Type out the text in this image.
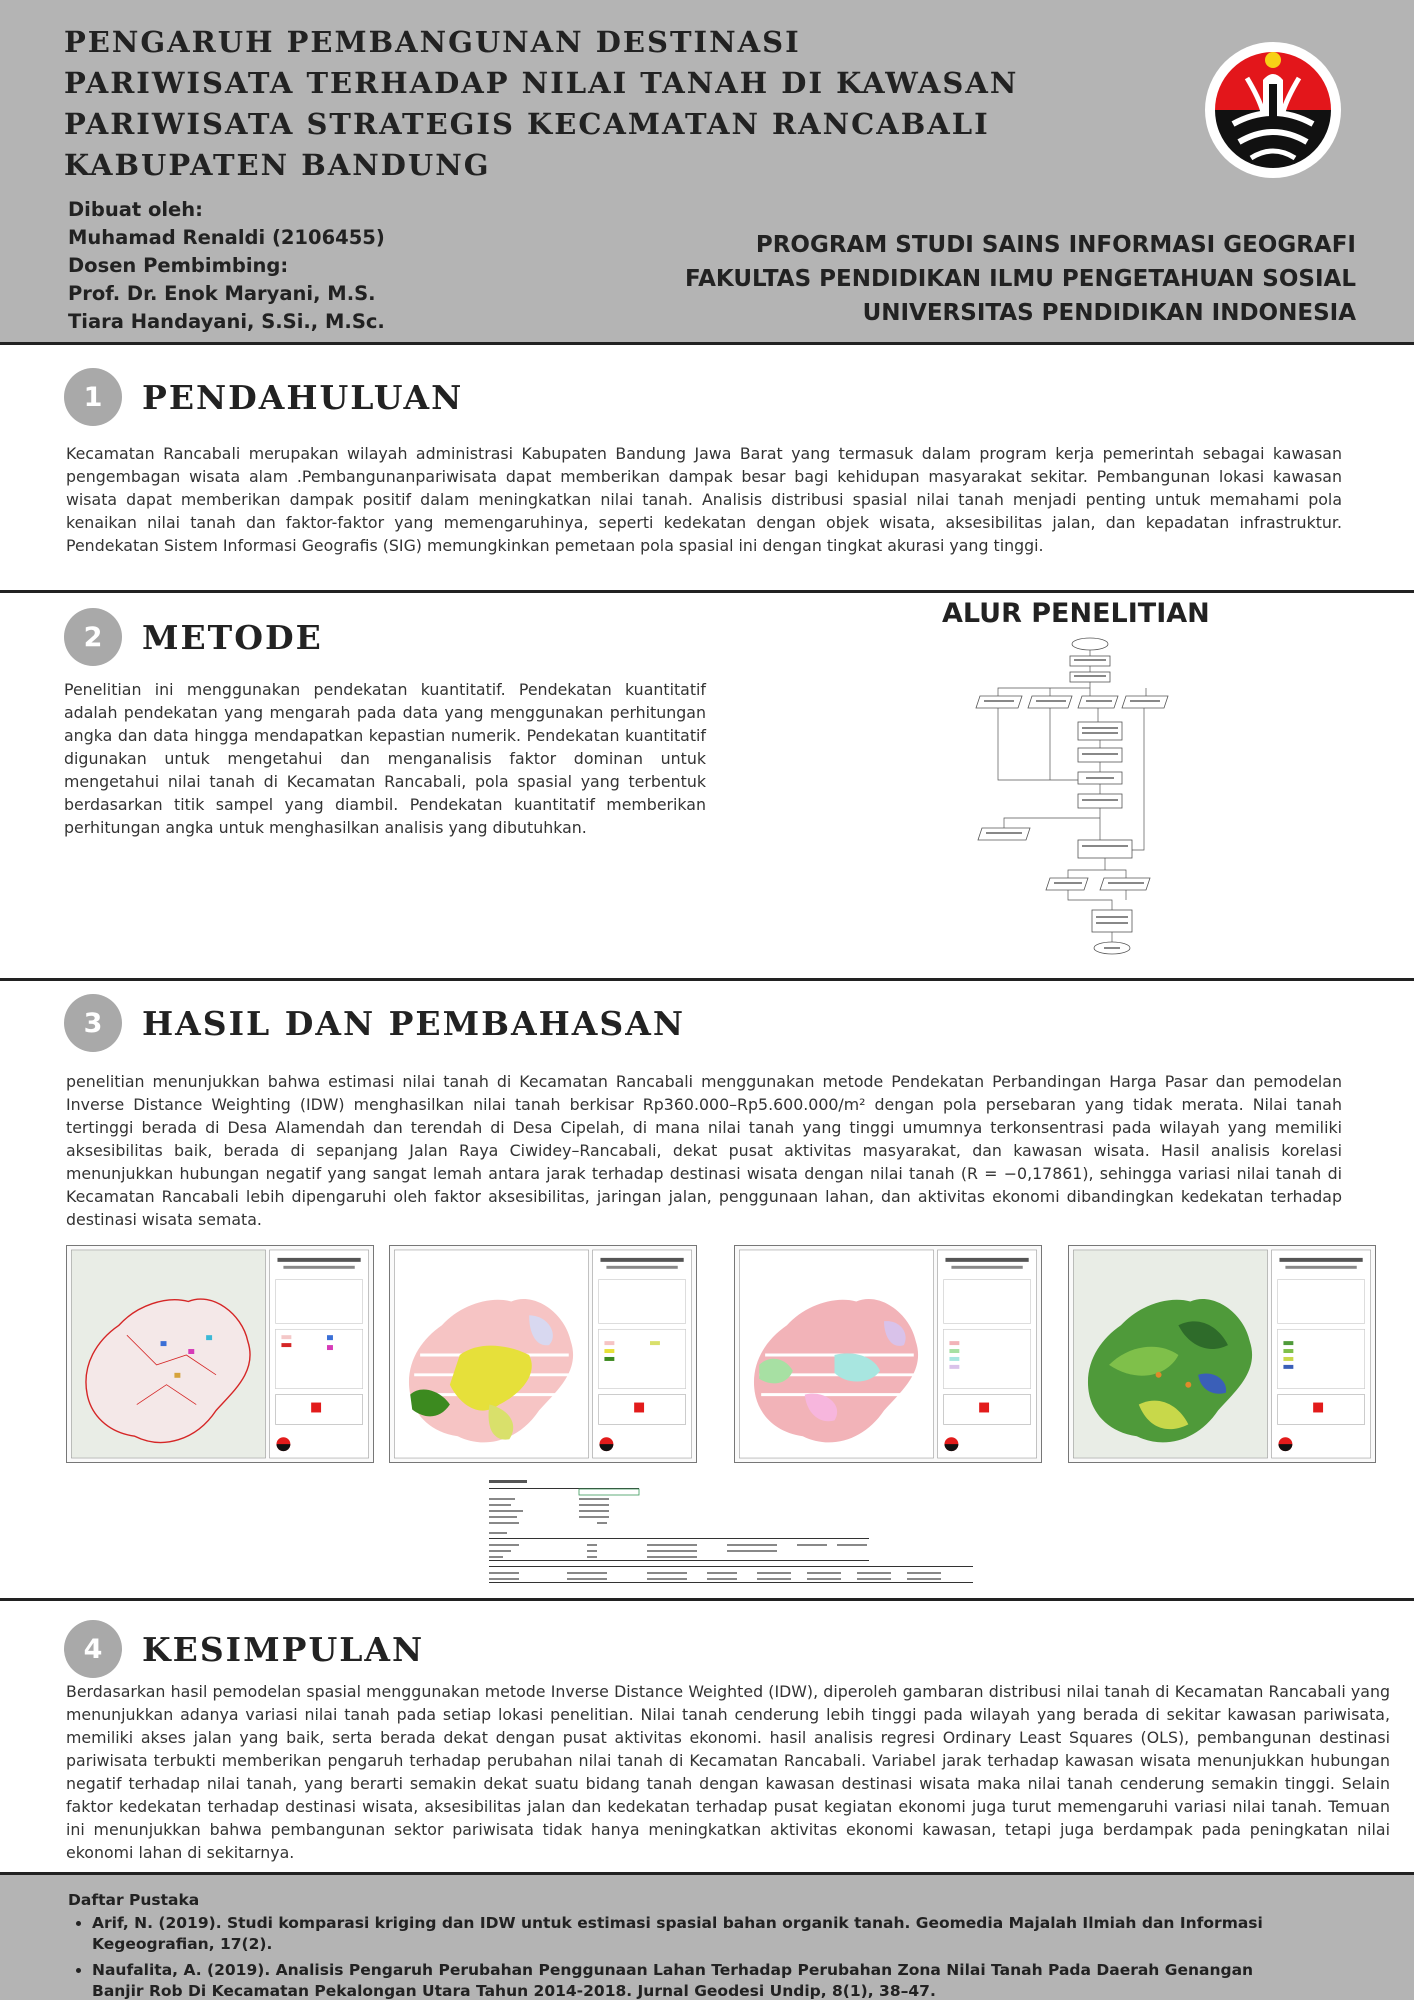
PENGARUH PEMBANGUNAN DESTINASI PARIWISATA TERHADAP NILAI TANAH DI KAWASAN PARIWISATA STRATEGIS KECAMATAN RANCABALI KABUPATEN BANDUNG
Dibuat oleh:
Muhamad Renaldi (2106455)
Dosen Pembimbing:
Prof. Dr. Enok Maryani, M.S.
Tiara Handayani, S.Si., M.Sc.
PROGRAM STUDI SAINS INFORMASI GEOGRAFI
FAKULTAS PENDIDIKAN ILMU PENGETAHUAN SOSIAL
UNIVERSITAS PENDIDIKAN INDONESIA
1	PENDAHULUAN
Kecamatan Rancabali merupakan wilayah administrasi Kabupaten Bandung Jawa Barat yang termasuk dalam program kerja pemerintah sebagai kawasan pengembagan wisata alam .Pembangunanpariwisata dapat memberikan dampak besar bagi kehidupan masyarakat sekitar. Pembangunan lokasi kawasan wisata dapat memberikan dampak positif dalam meningkatkan nilai tanah. Analisis distribusi spasial nilai tanah menjadi penting untuk memahami pola kenaikan nilai tanah dan faktor-faktor yang memengaruhinya, seperti kedekatan dengan objek wisata, aksesibilitas jalan, dan kepadatan infrastruktur. Pendekatan Sistem Informasi Geografis (SIG) memungkinkan pemetaan pola spasial ini dengan tingkat akurasi yang tinggi.
2	METODE
Penelitian ini menggunakan pendekatan kuantitatif. Pendekatan kuantitatif adalah pendekatan yang mengarah pada data yang menggunakan perhitungan angka dan data hingga mendapatkan kepastian numerik. Pendekatan kuantitatif digunakan untuk mengetahui dan menganalisis faktor dominan untuk mengetahui nilai tanah di Kecamatan Rancabali, pola spasial yang terbentuk berdasarkan titik sampel yang diambil. Pendekatan kuantitatif memberikan perhitungan angka untuk menghasilkan analisis yang dibutuhkan.
ALUR PENELITIAN
3	HASIL DAN PEMBAHASAN
penelitian menunjukkan bahwa estimasi nilai tanah di Kecamatan Rancabali menggunakan metode Pendekatan Perbandingan Harga Pasar dan pemodelan Inverse Distance Weighting (IDW) menghasilkan nilai tanah berkisar Rp360.000–Rp5.600.000/m² dengan pola persebaran yang tidak merata. Nilai tanah tertinggi berada di Desa Alamendah dan terendah di Desa Cipelah, di mana nilai tanah yang tinggi umumnya terkonsentrasi pada wilayah yang memiliki aksesibilitas baik, berada di sepanjang Jalan Raya Ciwidey–Rancabali, dekat pusat aktivitas masyarakat, dan kawasan wisata. Hasil analisis korelasi menunjukkan hubungan negatif yang sangat lemah antara jarak terhadap destinasi wisata dengan nilai tanah (R = −0,17861), sehingga variasi nilai tanah di Kecamatan Rancabali lebih dipengaruhi oleh faktor aksesibilitas, jaringan jalan, penggunaan lahan, dan aktivitas ekonomi dibandingkan kedekatan terhadap destinasi wisata semata.
4	KESIMPULAN
Berdasarkan hasil pemodelan spasial menggunakan metode Inverse Distance Weighted (IDW), diperoleh gambaran distribusi nilai tanah di Kecamatan Rancabali yang menunjukkan adanya variasi nilai tanah pada setiap lokasi penelitian. Nilai tanah cenderung lebih tinggi pada wilayah yang berada di sekitar kawasan pariwisata, memiliki akses jalan yang baik, serta berada dekat dengan pusat aktivitas ekonomi. hasil analisis regresi Ordinary Least Squares (OLS), pembangunan destinasi pariwisata terbukti memberikan pengaruh terhadap perubahan nilai tanah di Kecamatan Rancabali. Variabel jarak terhadap kawasan wisata menunjukkan hubungan negatif terhadap nilai tanah, yang berarti semakin dekat suatu bidang tanah dengan kawasan destinasi wisata maka nilai tanah cenderung semakin tinggi. Selain faktor kedekatan terhadap destinasi wisata, aksesibilitas jalan dan kedekatan terhadap pusat kegiatan ekonomi juga turut memengaruhi variasi nilai tanah. Temuan ini menunjukkan bahwa pembangunan sektor pariwisata tidak hanya meningkatkan aktivitas ekonomi kawasan, tetapi juga berdampak pada peningkatan nilai ekonomi lahan di sekitarnya.
Daftar Pustaka
• Arif, N. (2019). Studi komparasi kriging dan IDW untuk estimasi spasial bahan organik tanah. Geomedia Majalah Ilmiah dan Informasi Kegeografian, 17(2).
• Naufalita, A. (2019). Analisis Pengaruh Perubahan Penggunaan Lahan Terhadap Perubahan Zona Nilai Tanah Pada Daerah Genangan Banjir Rob Di Kecamatan Pekalongan Utara Tahun 2014-2018. Jurnal Geodesi Undip, 8(1), 38–47.
